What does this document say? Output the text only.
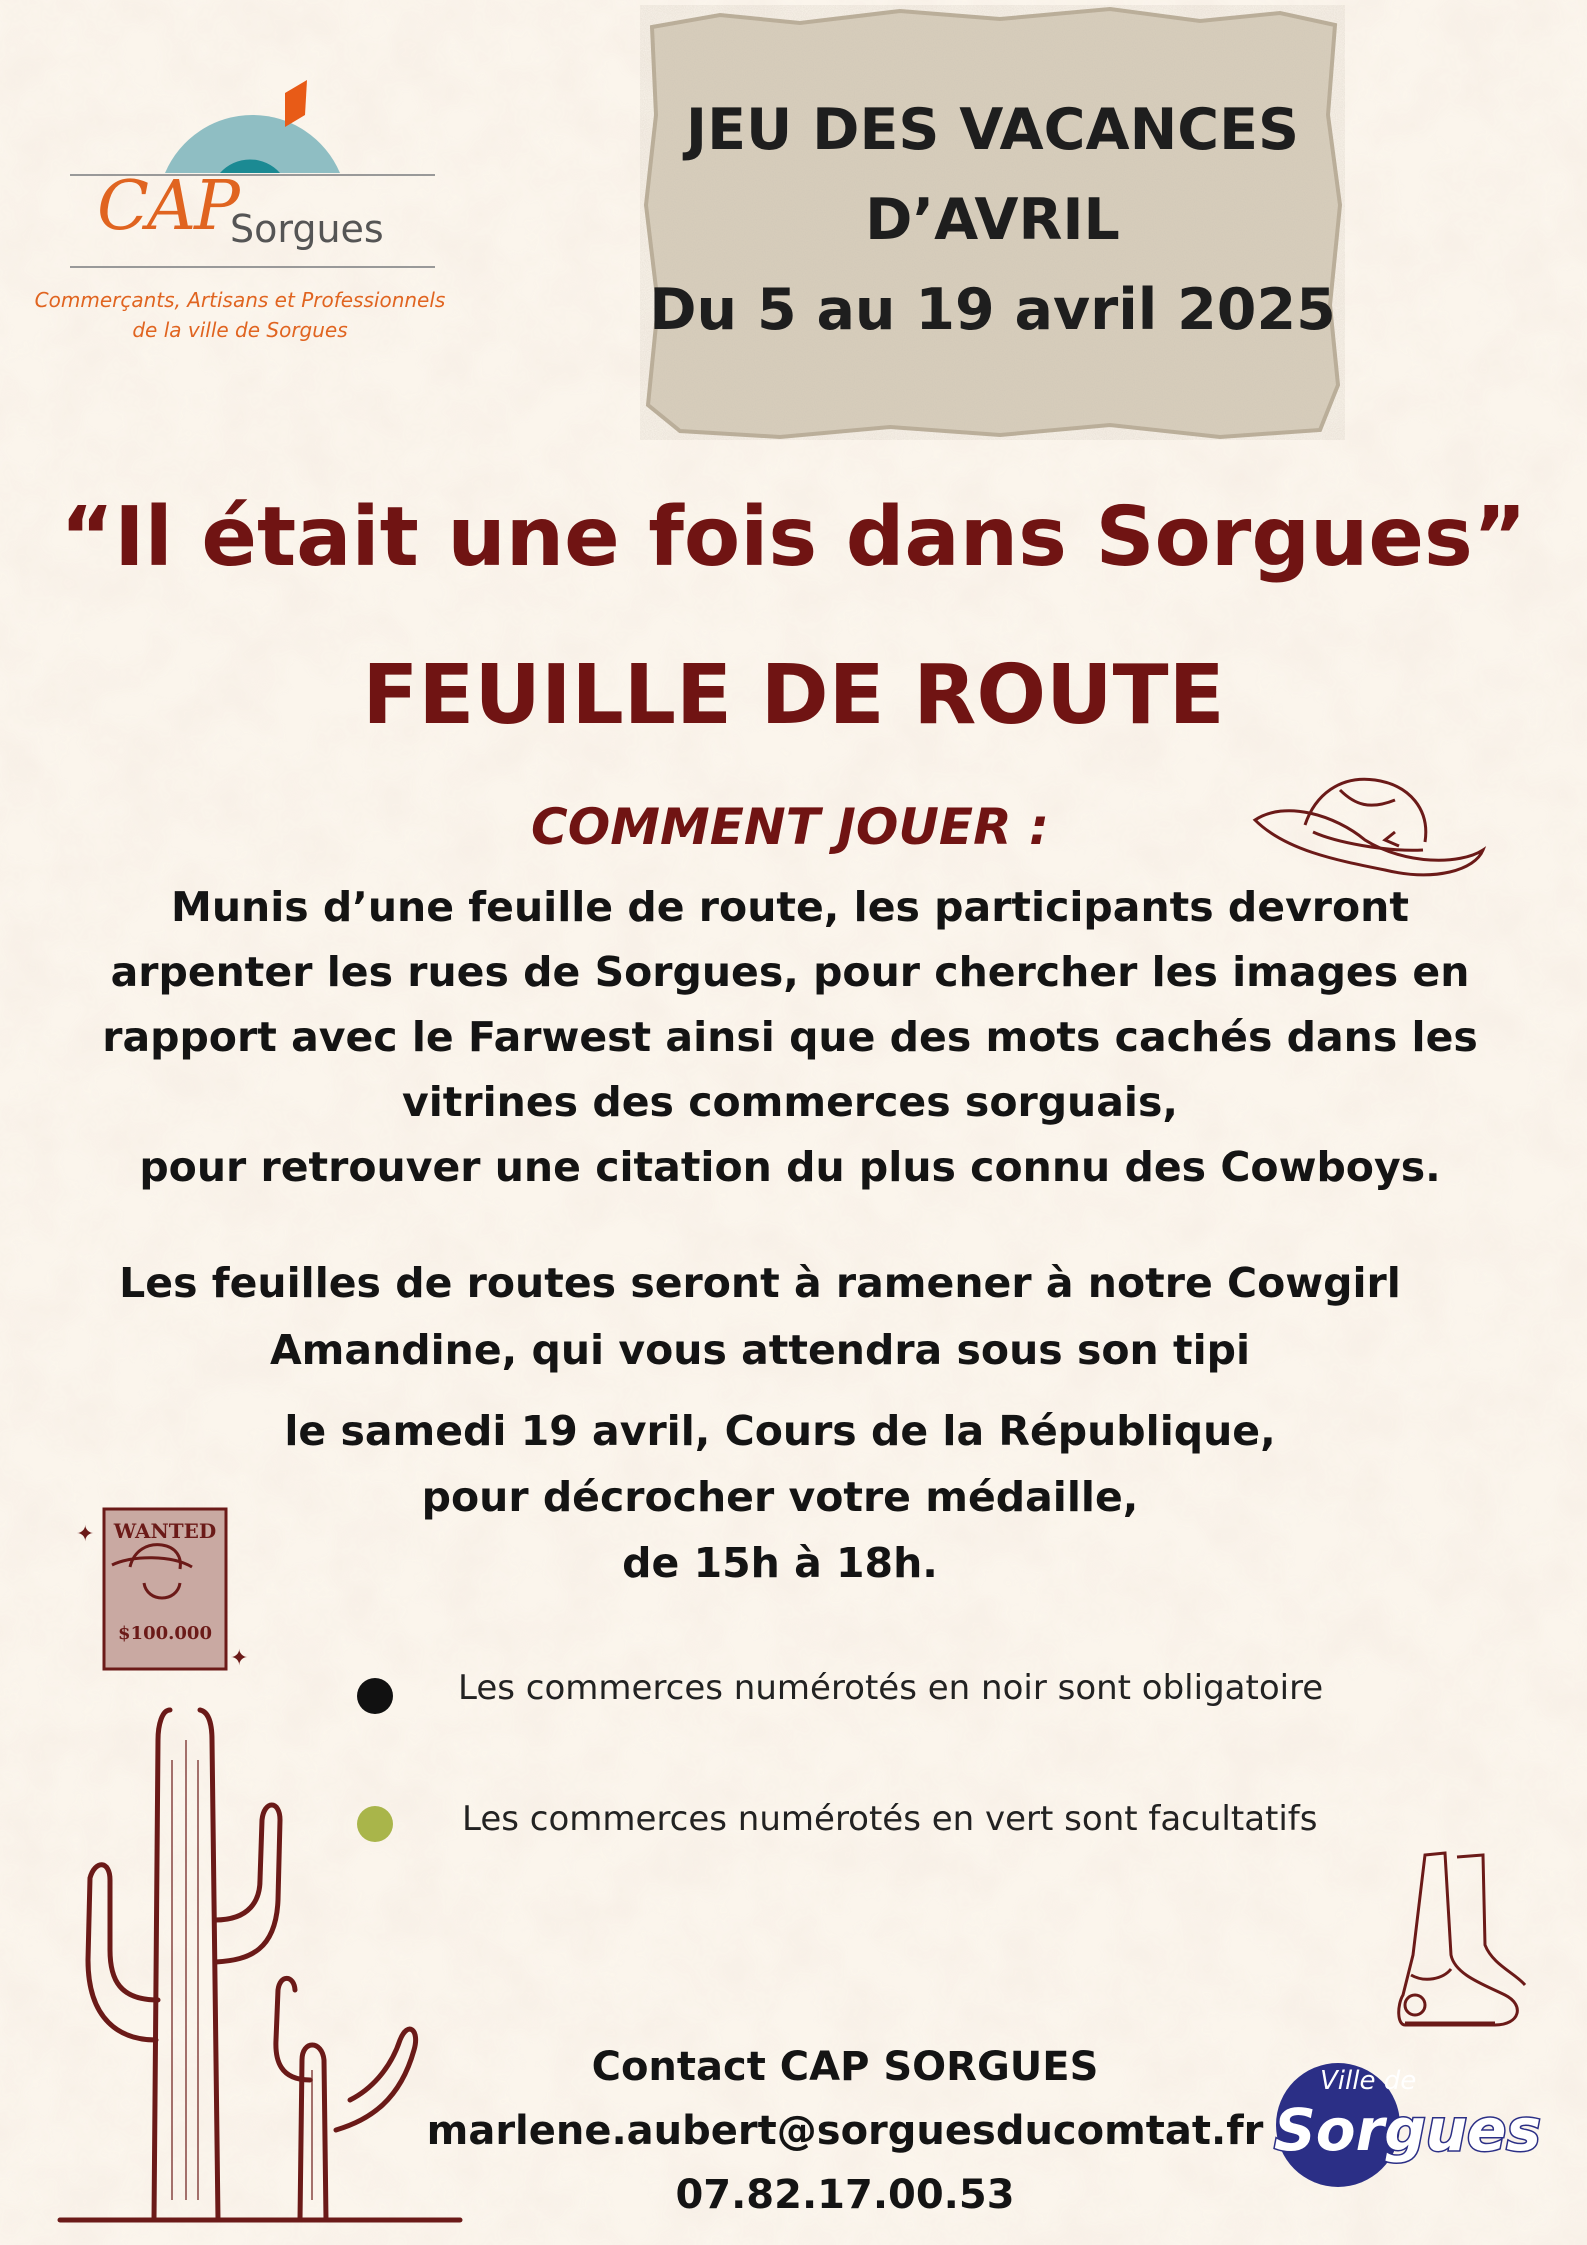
CAP
Sorgues
Commerçants, Artisans et Professionnels
de la ville de Sorgues
JEU DES VACANCES
D’AVRIL
Du 5 au 19 avril 2025
“Il était une fois dans Sorgues”
FEUILLE DE ROUTE
COMMENT JOUER :
Munis d’une feuille de route, les participants devront
arpenter les rues de Sorgues, pour chercher les images en
rapport avec le Farwest ainsi que des mots cachés dans les
vitrines des commerces sorguais,
pour retrouver une citation du plus connu des Cowboys.
Les feuilles de routes seront à ramener à notre Cowgirl
Amandine, qui vous attendra sous son tipi
le samedi 19 avril, Cours de la République,
pour décrocher votre médaille,
de 15h à 18h.
✦
✦
WANTED
$100.000
Les commerces numérotés en noir sont obligatoire
Les commerces numérotés en vert sont facultatifs
Contact CAP SORGUES
marlene.aubert@sorguesducomtat.fr
07.82.17.00.53
Ville de
Sorgues
